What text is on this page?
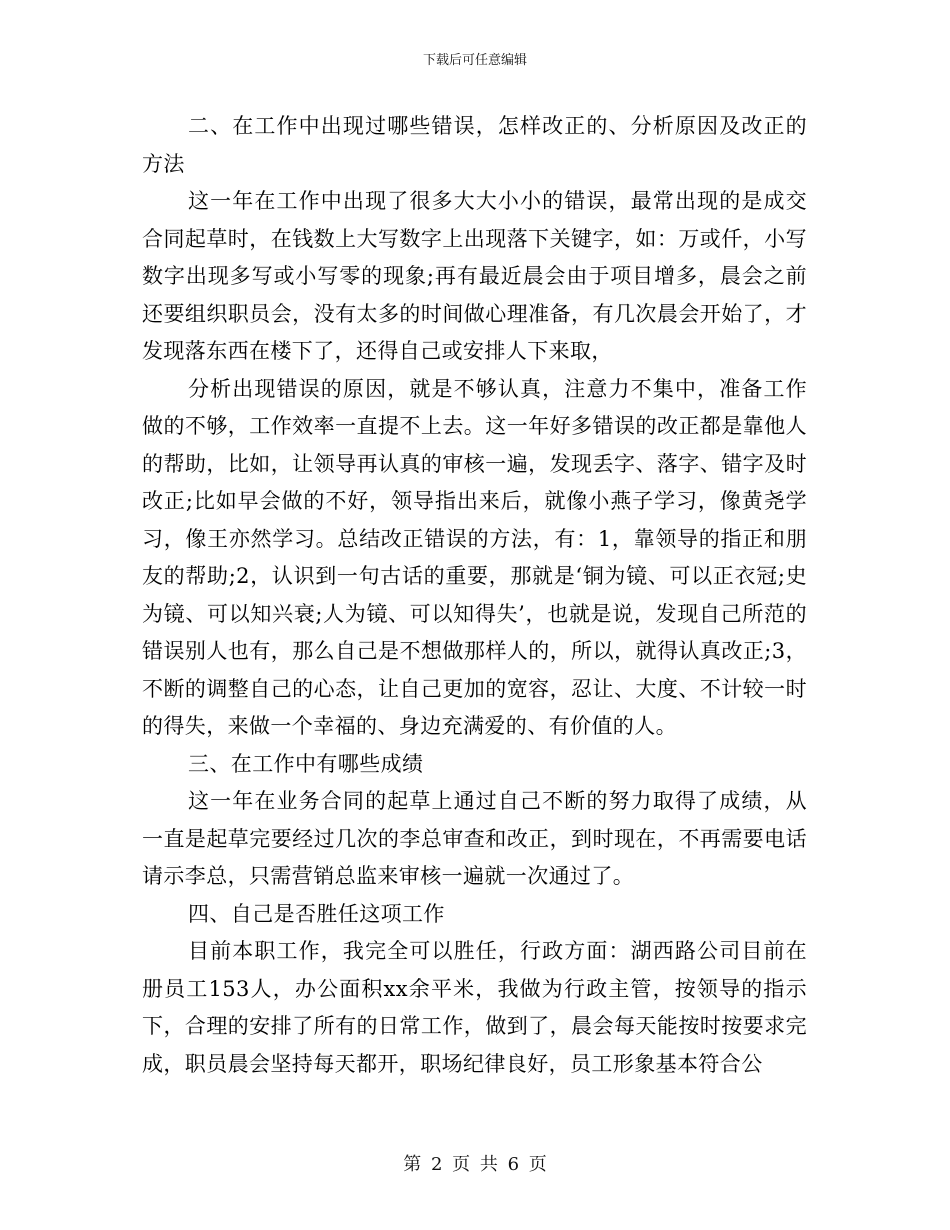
下载后可任意编辑

二、在工作中出现过哪些错误，怎样改正的、分析原因及改正的方法

这一年在工作中出现了很多大大小小的错误，最常出现的是成交合同起草时，在钱数上大写数字上出现落下关键字，如：万或仟，小写数字出现多写或小写零的现象;再有最近晨会由于项目增多，晨会之前还要组织职员会，没有太多的时间做心理准备，有几次晨会开始了，才发现落东西在楼下了，还得自己或安排人下来取，

分析出现错误的原因，就是不够认真，注意力不集中，准备工作做的不够，工作效率一直提不上去。这一年好多错误的改正都是靠他人的帮助，比如，让领导再认真的审核一遍，发现丢字、落字、错字及时改正;比如早会做的不好，领导指出来后，就像小燕子学习，像黄尧学习，像王亦然学习。总结改正错误的方法，有：1，靠领导的指正和朋友的帮助;2，认识到一句古话的重要，那就是‘铜为镜、可以正衣冠;史为镜、可以知兴衰;人为镜、可以知得失’，也就是说，发现自己所范的错误别人也有，那么自己是不想做那样人的，所以，就得认真改正;3，不断的调整自己的心态，让自己更加的宽容，忍让、大度、不计较一时的得失，来做一个幸福的、身边充满爱的、有价值的人。

三、在工作中有哪些成绩

这一年在业务合同的起草上通过自己不断的努力取得了成绩，从一直是起草完要经过几次的李总审查和改正，到时现在，不再需要电话请示李总，只需营销总监来审核一遍就一次通过了。

四、自己是否胜任这项工作

目前本职工作，我完全可以胜任，行政方面：湖西路公司目前在册员工153人，办公面积xx余平米，我做为行政主管，按领导的指示下，合理的安排了所有的日常工作，做到了，晨会每天能按时按要求完成，职员晨会坚持每天都开，职场纪律良好，员工形象基本符合公

第 2 页 共 6 页
